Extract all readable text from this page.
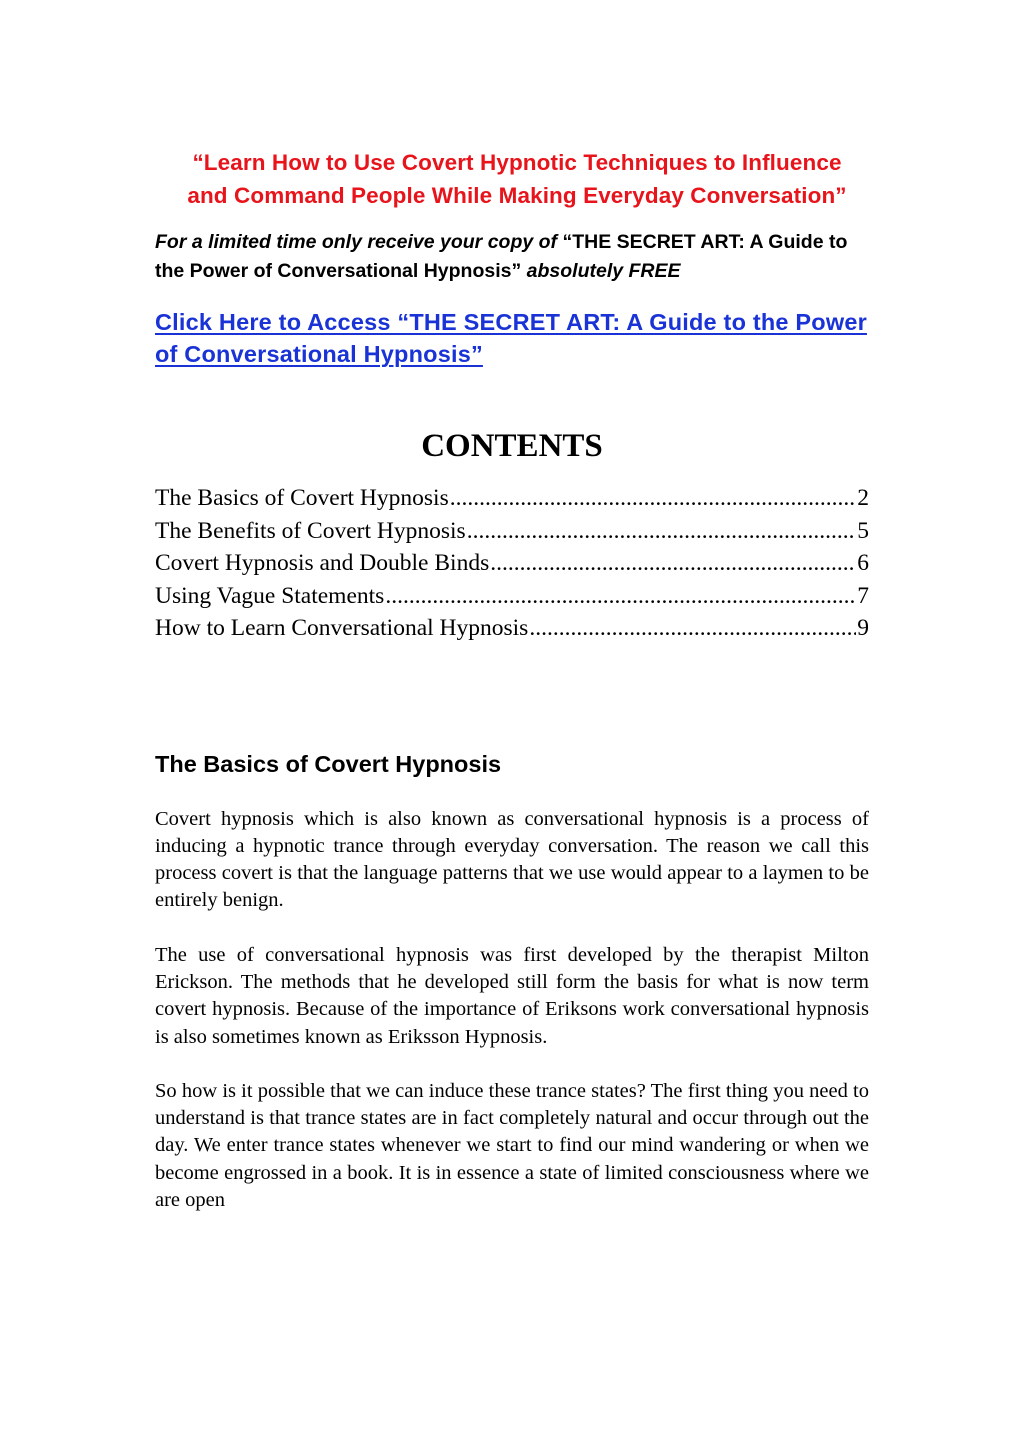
“Learn How to Use Covert Hypnotic Techniques to Influence and Command People While Making Everyday Conversation”

For a limited time only receive your copy of “THE SECRET ART: A Guide to the Power of Conversational Hypnosis” absolutely FREE

Click Here to Access “THE SECRET ART: A Guide to the Power of Conversational Hypnosis”
CONTENTS
The Basics of Covert Hypnosis .....	2
The Benefits of Covert Hypnosis .....	5
Covert Hypnosis and Double Binds .....	6
Using Vague Statements .....	7
How to Learn Conversational Hypnosis .....	9
The Basics of Covert Hypnosis

Covert hypnosis which is also known as conversational hypnosis is a process of inducing a hypnotic trance through everyday conversation. The reason we call this process covert is that the language patterns that we use would appear to a laymen to be entirely benign.

The use of conversational hypnosis was first developed by the therapist Milton Erickson. The methods that he developed still form the basis for what is now term covert hypnosis. Because of the importance of Eriksons work conversational hypnosis is also sometimes known as Eriksson Hypnosis.

So how is it possible that we can induce these trance states? The first thing you need to understand is that trance states are in fact completely natural and occur through out the day. We enter trance states whenever we start to find our mind wandering or when we become engrossed in a book. It is in essence a state of limited consciousness where we are open
